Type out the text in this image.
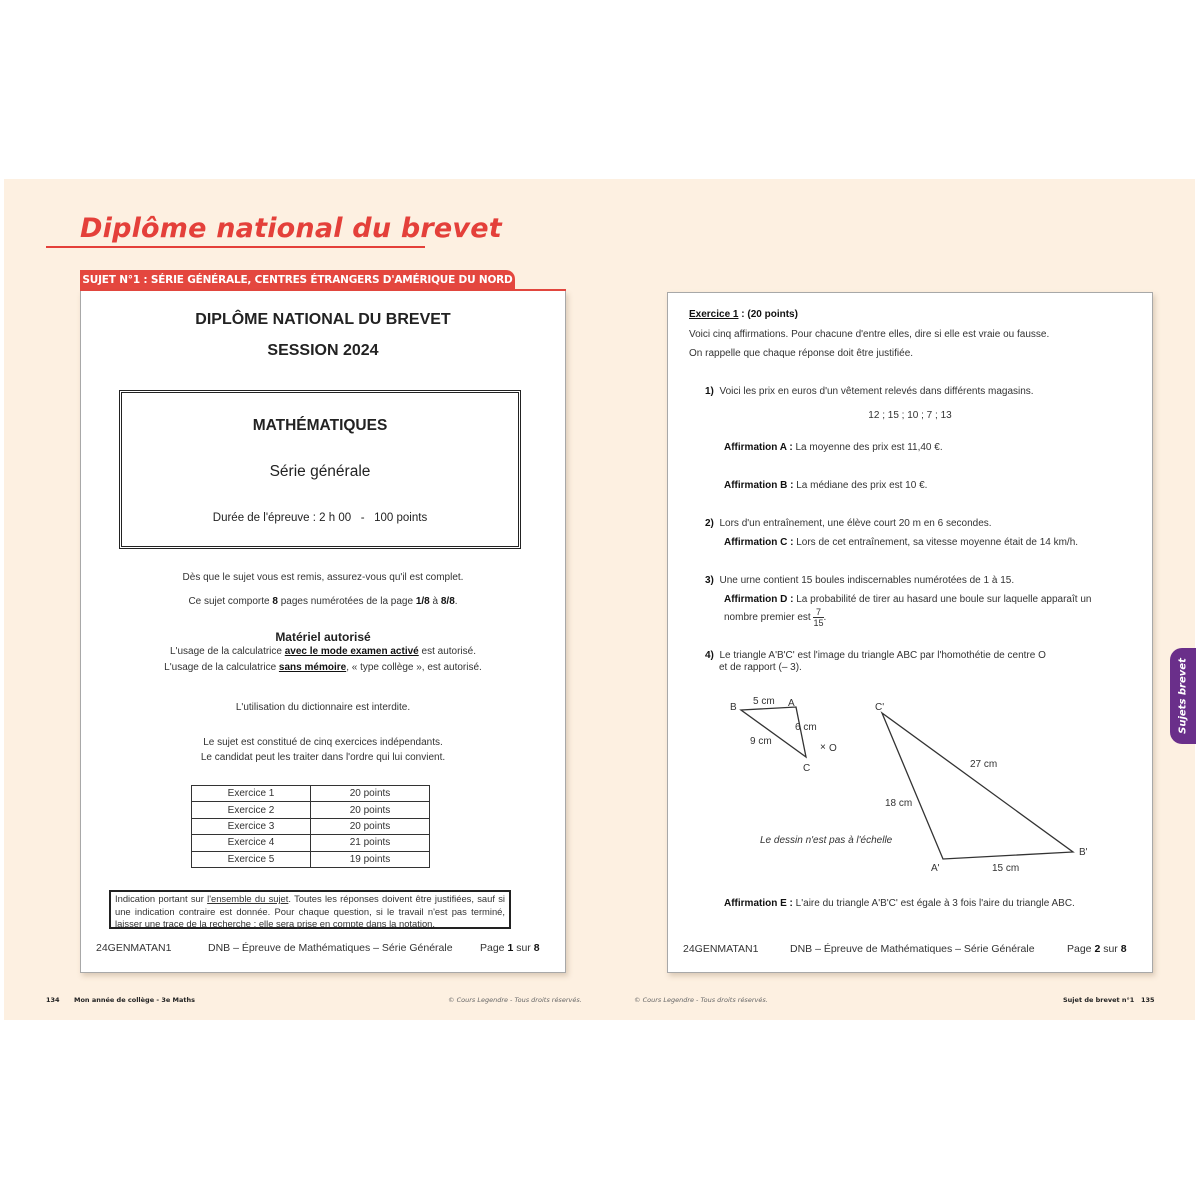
Diplôme national du brevet
SUJET N°1 : SÉRIE GÉNÉRALE, CENTRES ÉTRANGERS D'AMÉRIQUE DU NORD
DIPLÔME NATIONAL DU BREVET
SESSION 2024
MATHÉMATIQUES
Série générale
Durée de l'épreuve : 2 h 00   -   100 points
Dès que le sujet vous est remis, assurez-vous qu'il est complet.
Ce sujet comporte 8 pages numérotées de la page 1/8 à 8/8.
Matériel autorisé
L'usage de la calculatrice avec le mode examen activé est autorisé.
L'usage de la calculatrice sans mémoire, « type collège », est autorisé.
L'utilisation du dictionnaire est interdite.
Le sujet est constitué de cinq exercices indépendants.
Le candidat peut les traiter dans l'ordre qui lui convient.
Exercice 1	20 points
Exercice 2	20 points
Exercice 3	20 points
Exercice 4	21 points
Exercice 5	19 points
Indication portant sur l'ensemble du sujet. Toutes les réponses doivent être justifiées, sauf si une indication contraire est donnée. Pour chaque question, si le travail n'est pas terminé, laisser une trace de la recherche ; elle sera prise en compte dans la notation.
24GENMATAN1	DNB – Épreuve de Mathématiques – Série Générale	Page 1 sur 8
Exercice 1 : (20 points)
Voici cinq affirmations. Pour chacune d'entre elles, dire si elle est vraie ou fausse.
On rappelle que chaque réponse doit être justifiée.
1) Voici les prix en euros d'un vêtement relevés dans différents magasins.
12 ; 15 ; 10 ; 7 ; 13
Affirmation A : La moyenne des prix est 11,40 €.
Affirmation B : La médiane des prix est 10 €.
2) Lors d'un entraînement, une élève court 20 m en 6 secondes.
Affirmation C : Lors de cet entraînement, sa vitesse moyenne était de 14 km/h.
3) Une urne contient 15 boules indiscernables numérotées de 1 à 15.
Affirmation D : La probabilité de tirer au hasard une boule sur laquelle apparaît un
nombre premier est $\frac{7}{15}$ .
4) Le triangle A'B'C' est l'image du triangle ABC par l'homothétie de centre O
et de rapport (– 3).
B	A
C
5 cm
6 cm
9 cm
× O
C'
A'
B'
27 cm
18 cm
15 cm
Le dessin n'est pas à l'échelle
Affirmation E : L'aire du triangle A'B'C' est égale à 3 fois l'aire du triangle ABC.
24GENMATAN1	DNB – Épreuve de Mathématiques – Série Générale	Page 2 sur 8
Sujets brevet
134 Mon année de collège - 3e Maths	© Cours Legendre - Tous droits réservés.	© Cours Legendre - Tous droits réservés.	Sujet de brevet n°1 135
